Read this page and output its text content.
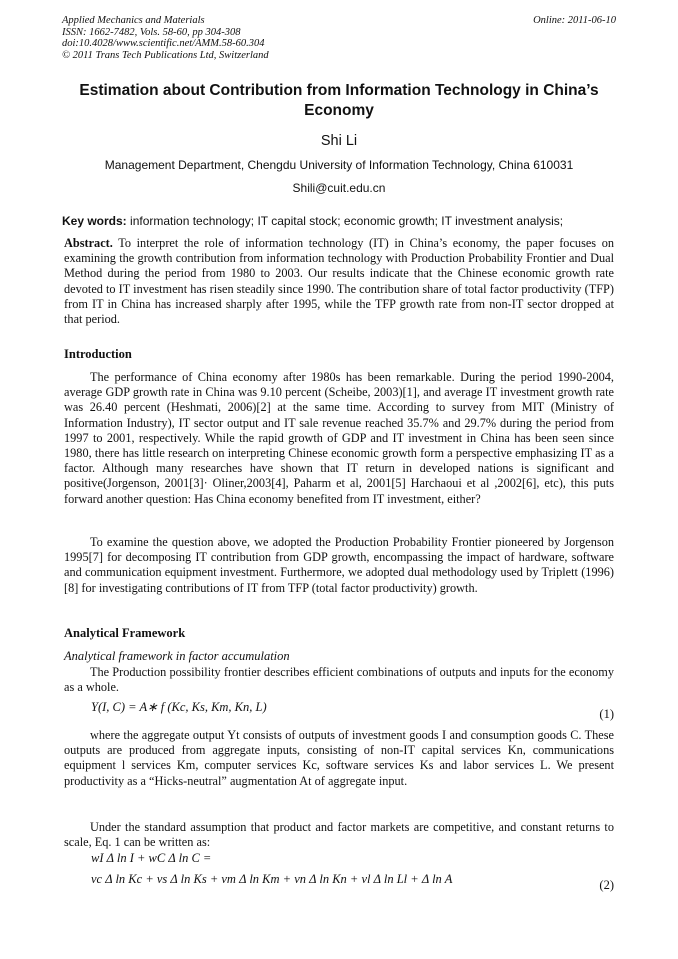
Applied Mechanics and Materials
ISSN: 1662-7482, Vols. 58-60, pp 304-308
doi:10.4028/www.scientific.net/AMM.58-60.304
© 2011 Trans Tech Publications Ltd, Switzerland
Online: 2011-06-10
Estimation about Contribution from Information Technology in China’s
Economy
Shi Li
Management Department, Chengdu University of Information Technology, China 610031
Shili@cuit.edu.cn
Key words: information technology; IT capital stock; economic growth; IT investment analysis;
Abstract. To interpret the role of information technology (IT) in China’s economy, the paper focuses on examining the growth contribution from information technology with Production Probability Frontier and Dual Method during the period from 1980 to 2003. Our results indicate that the Chinese economic growth rate devoted to IT investment has risen steadily since 1990. The contribution share of total factor productivity (TFP) from IT in China has increased sharply after 1995, while the TFP growth rate from non-IT sector dropped at that period.
Introduction
The performance of China economy after 1980s has been remarkable. During the period 1990-2004, average GDP growth rate in China was 9.10 percent (Scheibe, 2003)[1], and average IT investment growth rate was 26.40 percent (Heshmati, 2006)[2] at the same time. According to survey from MIT (Ministry of Information Industry), IT sector output and IT sale revenue reached 35.7% and 29.7% during the period from 1997 to 2001, respectively. While the rapid growth of GDP and IT investment in China has been seen since 1980, there has little research on interpreting Chinese economic growth form a perspective emphasizing IT as a factor. Although many researches have shown that IT return in developed nations is significant and positive(Jorgenson, 2001[3]· Oliner,2003[4], Paharm et al, 2001[5] Harchaoui et al ,2002[6], etc), this puts forward another question: Has China economy benefited from IT investment, either?
To examine the question above, we adopted the Production Probability Frontier pioneered by Jorgenson 1995[7] for decomposing IT contribution from GDP growth, encompassing the impact of hardware, software and communication equipment investment. Furthermore, we adopted dual methodology used by Triplett (1996)[8] for investigating contributions of IT from TFP (total factor productivity) growth.
Analytical Framework
Analytical framework in factor accumulation
The Production possibility frontier describes efficient combinations of outputs and inputs for the economy as a whole.
Y(I, C) = A∗ f (Kc, Ks, Km, Kn, L)	(1)
where the aggregate output Yt consists of outputs of investment goods I and consumption goods C. These outputs are produced from aggregate inputs, consisting of non-IT capital services Kn, communications equipment l services Km, computer services Kc, software services Ks and labor services L. We present productivity as a “Hicks-neutral” augmentation At of aggregate input.
Under the standard assumption that product and factor markets are competitive, and constant returns to scale, Eq. 1 can be written as:
wI Δ ln I + wC Δ ln C =
vc Δ ln Kc + vs Δ ln Ks + vm Δ ln Km + vn Δ ln Kn + vl Δ ln Ll + Δ ln A	(2)
